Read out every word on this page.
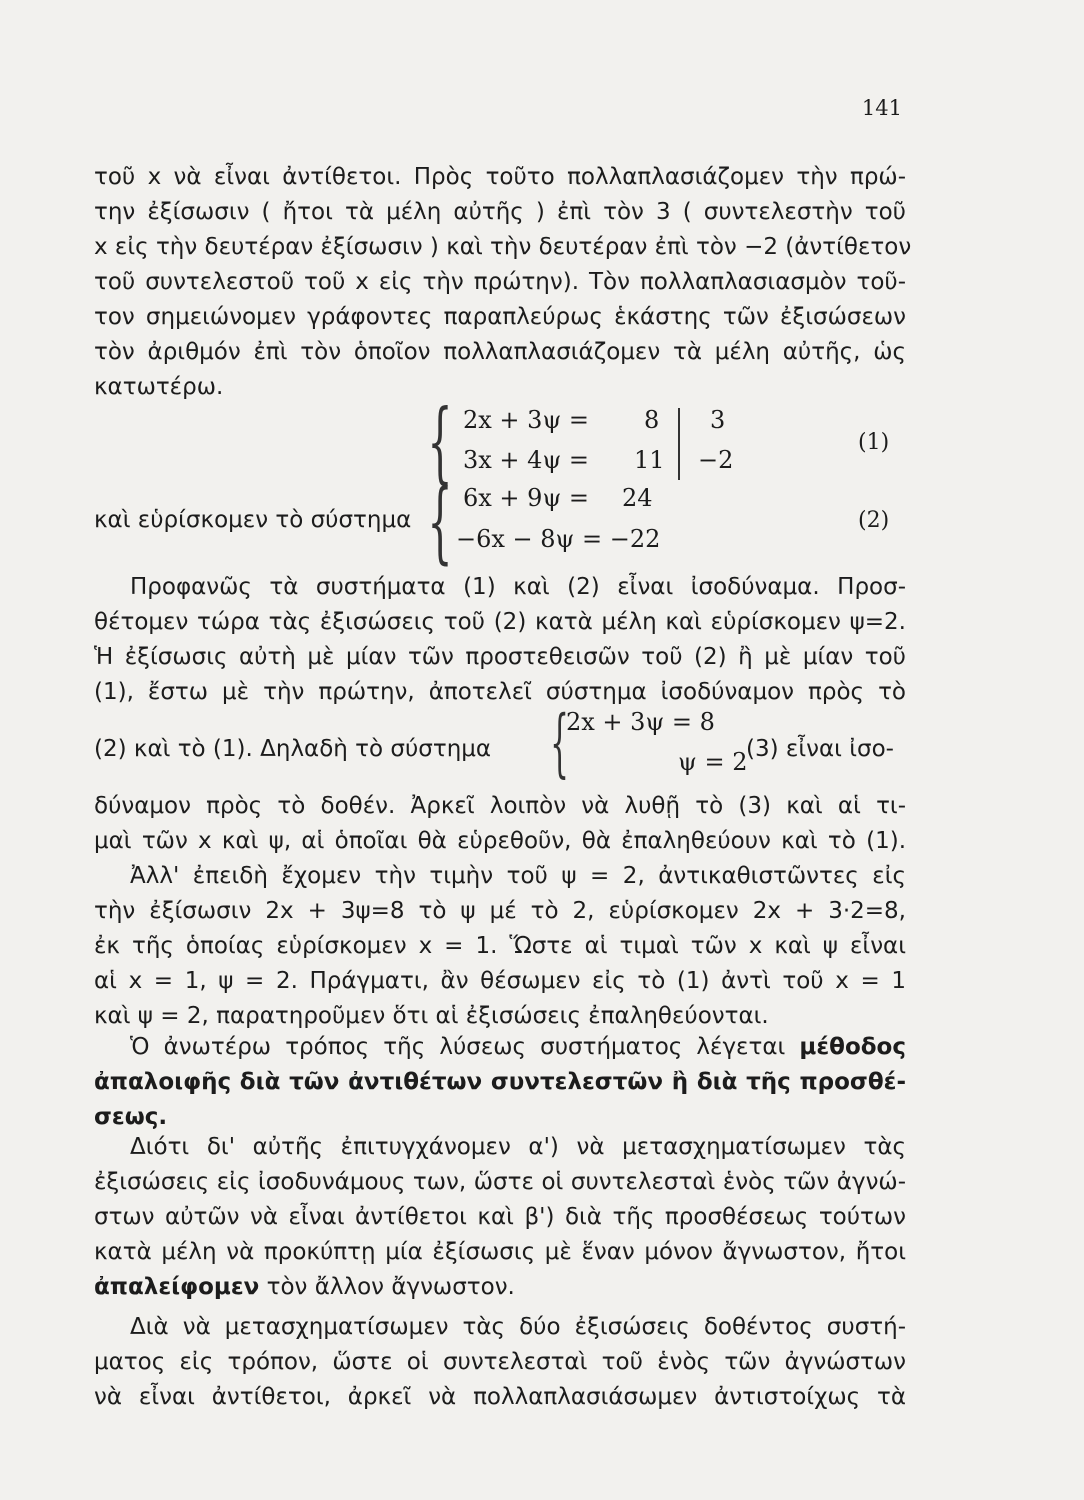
141

τοῦ x νὰ εἶναι ἀντίθετοι. Πρὸς τοῦτο πολλαπλασιάζομεν τὴν πρώ-

την ἐξίσωσιν ( ἤτοι τὰ μέλη αὐτῆς ) ἐπὶ τὸν 3 ( συντελεστὴν τοῦ

x εἰς τὴν δευτέραν ἐξίσωσιν ) καὶ τὴν δευτέραν ἐπὶ τὸν −2 (ἀντίθετον

τοῦ συντελεστοῦ τοῦ x εἰς τὴν πρώτην). Τὸν πολλαπλασιασμὸν τοῦ-

τον σημειώνομεν γράφοντες παραπλεύρως ἑκάστης τῶν ἐξισώσεων

τὸν ἀριθμόν ἐπὶ τὸν ὁποῖον πολλαπλασιάζομεν τὰ μέλη αὐτῆς, ὡς

κατωτέρω.

{ 2x + 3ψ = 8
3x + 4ψ = 11
3
−2
(1)
καὶ εὑρίσκομεν τὸ σύστημα { 6x + 9ψ = 24
−6x − 8ψ = −22
(2)

Προφανῶς τὰ συστήματα (1) καὶ (2) εἶναι ἰσοδύναμα. Προσ-

θέτομεν τώρα τὰς ἐξισώσεις τοῦ (2) κατὰ μέλη καὶ εὑρίσκομεν ψ=2.

Ἡ ἐξίσωσις αὐτὴ μὲ μίαν τῶν προστεθεισῶν τοῦ (2) ἢ μὲ μίαν τοῦ

(1), ἔστω μὲ τὴν πρώτην, ἀποτελεῖ σύστημα ἰσοδύναμον πρὸς τὸ

(2) καὶ τὸ (1). Δηλαδὴ τὸ σύστημα {
2x + 3ψ = 8
ψ = 2
(3) εἶναι ἰσο-

δύναμον πρὸς τὸ δοθέν. Ἀρκεῖ λοιπὸν νὰ λυθῇ τὸ (3) καὶ αἱ τι-

μαὶ τῶν x καὶ ψ, αἱ ὁποῖαι θὰ εὑρεθοῦν, θὰ ἐπαληθεύουν καὶ τὸ (1).

Ἀλλ' ἐπειδὴ ἔχομεν τὴν τιμὴν τοῦ ψ = 2, ἀντικαθιστῶντες εἰς

τὴν ἐξίσωσιν 2x + 3ψ=8 τὸ ψ μέ τὸ 2, εὑρίσκομεν 2x + 3·2=8,

ἐκ τῆς ὁποίας εὑρίσκομεν x = 1. Ὥστε αἱ τιμαὶ τῶν x καὶ ψ εἶναι

αἱ x = 1, ψ = 2. Πράγματι, ἂν θέσωμεν εἰς τὸ (1) ἀντὶ τοῦ x = 1

καὶ ψ = 2, παρατηροῦμεν ὅτι αἱ ἐξισώσεις ἐπαληθεύονται.

Ὁ ἀνωτέρω τρόπος τῆς λύσεως συστήματος λέγεται μέθοδος

ἀπαλοιφῆς διὰ τῶν ἀντιθέτων συντελεστῶν ἢ διὰ τῆς προσθέ-

σεως.

Διότι δι' αὐτῆς ἐπιτυγχάνομεν α') νὰ μετασχηματίσωμεν τὰς

ἐξισώσεις εἰς ἰσοδυνάμους των, ὥστε οἱ συντελεσταὶ ἑνὸς τῶν ἀγνώ-

στων αὐτῶν νὰ εἶναι ἀντίθετοι καὶ β') διὰ τῆς προσθέσεως τούτων

κατὰ μέλη νὰ προκύπτῃ μία ἐξίσωσις μὲ ἕναν μόνον ἄγνωστον, ἤτοι

ἀπαλείφομεν τὸν ἄλλον ἄγνωστον.

Διὰ νὰ μετασχηματίσωμεν τὰς δύο ἐξισώσεις δοθέντος συστή-

ματος εἰς τρόπον, ὥστε οἱ συντελεσταὶ τοῦ ἑνὸς τῶν ἀγνώστων

νὰ εἶναι ἀντίθετοι, ἀρκεῖ νὰ πολλαπλασιάσωμεν ἀντιστοίχως τὰ
